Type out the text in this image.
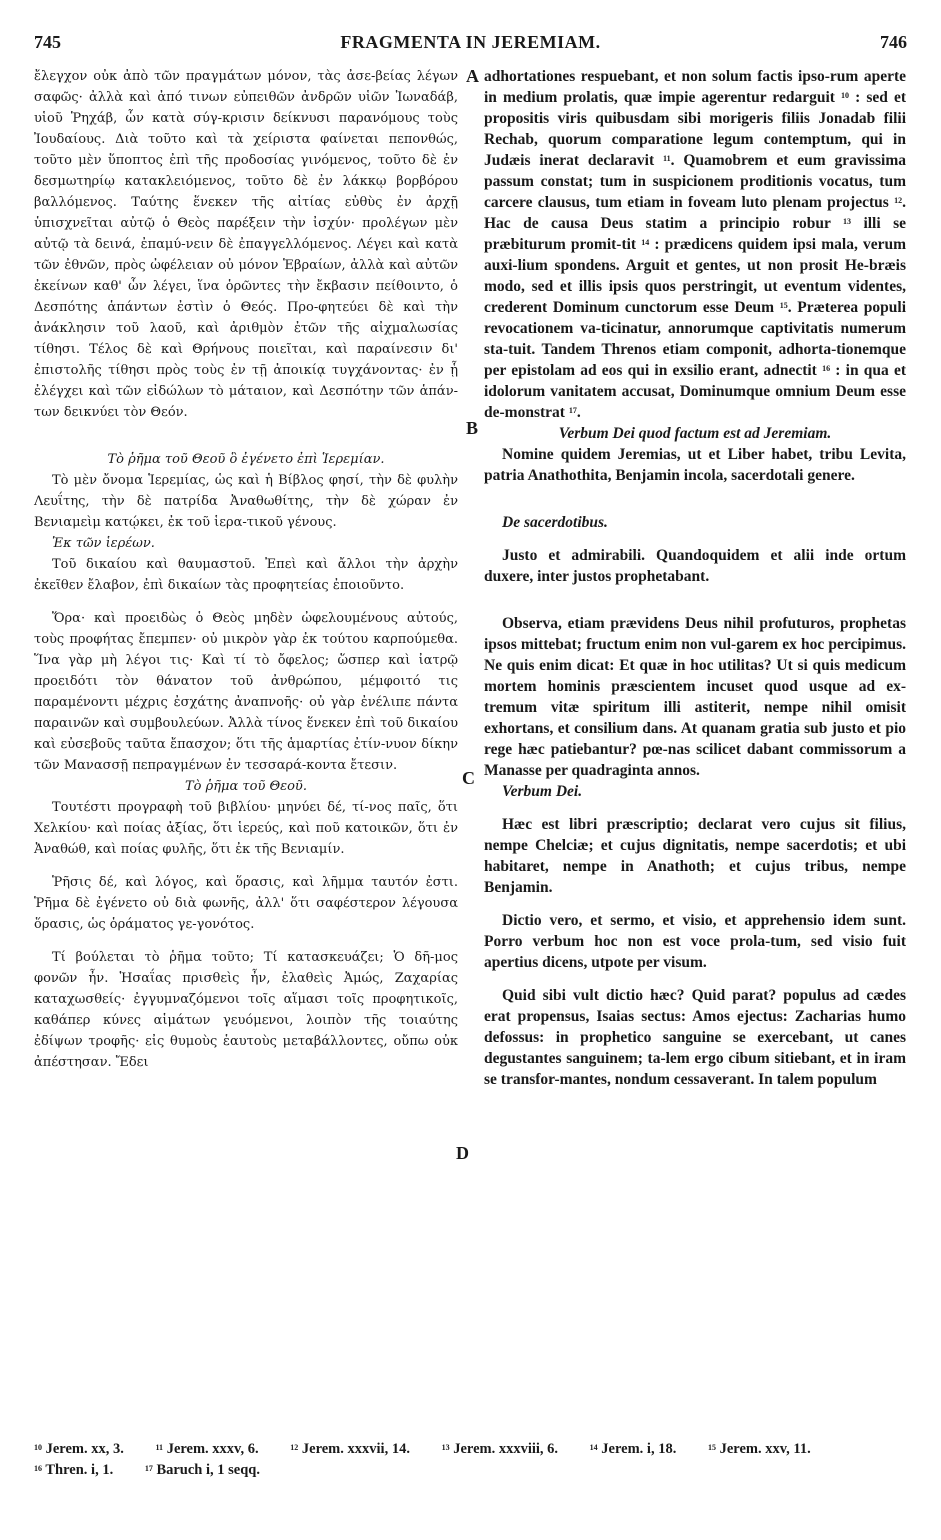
745	FRAGMENTA IN JEREMIAM.	746
A
B
C
D

ἔλεγχον οὐκ ἀπὸ τῶν πραγμάτων μόνον, τὰς ἀσε-βείας λέγων σαφῶς· ἀλλὰ καὶ ἀπό τινων εὐπειθῶν ἀνδρῶν υἱῶν Ἰωναδάβ, υἱοῦ Ῥηχάβ, ὧν κατὰ σύγ-κρισιν δείκνυσι παρανόμους τοὺς Ἰουδαίους. Διὰ τοῦτο καὶ τὰ χείριστα φαίνεται πεπονθώς, τοῦτο μὲν ὕποπτος ἐπὶ τῆς προδοσίας γινόμενος, τοῦτο δὲ ἐν δεσμωτηρίῳ κατακλειόμενος, τοῦτο δὲ ἐν λάκκῳ βορβόρου βαλλόμενος. Ταύτης ἕνεκεν τῆς αἰτίας εὐθὺς ἐν ἀρχῇ ὑπισχνεῖται αὐτῷ ὁ Θεὸς παρέξειν τὴν ἰσχύν· προλέγων μὲν αὐτῷ τὰ δεινά, ἐπαμύ-νειν δὲ ἐπαγγελλόμενος. Λέγει καὶ κατὰ τῶν ἐθνῶν, πρὸς ὠφέλειαν οὐ μόνον Ἑβραίων, ἀλλὰ καὶ αὐτῶν ἐκείνων καθ' ὧν λέγει, ἵνα ὁρῶντες τὴν ἔκβασιν πείθοιντο, ὁ Δεσπότης ἁπάντων ἐστὶν ὁ Θεός. Προ-φητεύει δὲ καὶ τὴν ἀνάκλησιν τοῦ λαοῦ, καὶ ἀριθμὸν ἐτῶν τῆς αἰχμαλωσίας τίθησι. Τέλος δὲ καὶ Θρήνους ποιεῖται, καὶ παραίνεσιν δι' ἐπιστολῆς τίθησι πρὸς τοὺς ἐν τῇ ἀποικίᾳ τυγχάνοντας· ἐν ᾗ ἐλέγχει καὶ τῶν εἰδώλων τὸ μάταιον, καὶ Δεσπότην τῶν ἁπάν-των δεικνύει τὸν Θεόν.

Τὸ ῥῆμα τοῦ Θεοῦ ὃ ἐγένετο ἐπὶ Ἱερεμίαν.

Τὸ μὲν ὄνομα Ἱερεμίας, ὡς καὶ ἡ Βίβλος φησί, τὴν δὲ φυλὴν Λευΐτης, τὴν δὲ πατρίδα Ἀναθωθίτης, τὴν δὲ χώραν ἐν Βενιαμεὶμ κατῴκει, ἐκ τοῦ ἱερα-τικοῦ γένους.

Ἐκ τῶν ἱερέων.

Τοῦ δικαίου καὶ θαυμαστοῦ. Ἐπεὶ καὶ ἄλλοι τὴν ἀρχὴν ἐκεῖθεν ἔλαβον, ἐπὶ δικαίων τὰς προφητείας ἐποιοῦντο.

Ὅρα· καὶ προειδὼς ὁ Θεὸς μηδὲν ὠφελουμένους αὐτούς, τοὺς προφήτας ἔπεμπεν· οὐ μικρὸν γὰρ ἐκ τούτου καρπούμεθα. Ἵνα γὰρ μὴ λέγοι τις· Καὶ τί τὸ ὄφελος; ὥσπερ καὶ ἰατρῷ προειδότι τὸν θάνατον τοῦ ἀνθρώπου, μέμφοιτό τις παραμένοντι μέχρις ἐσχάτης ἀναπνοῆς· οὐ γὰρ ἐνέλιπε πάντα παραινῶν καὶ συμβουλεύων. Ἀλλὰ τίνος ἕνεκεν ἐπὶ τοῦ δικαίου καὶ εὐσεβοῦς ταῦτα ἔπασχον; ὅτι τῆς ἁμαρτίας ἐτίν-νυον δίκην τῶν Μανασσῇ πεπραγμένων ἐν τεσσαρά-κοντα ἔτεσιν.

Τὸ ῥῆμα τοῦ Θεοῦ.

Τουτέστι προγραφὴ τοῦ βιβλίου· μηνύει δέ, τί-νος παῖς, ὅτι Χελκίου· καὶ ποίας ἀξίας, ὅτι ἱερεύς, καὶ ποῦ κατοικῶν, ὅτι ἐν Ἀναθώθ, καὶ ποίας φυλῆς, ὅτι ἐκ τῆς Βενιαμίν.

Ῥῆσις δέ, καὶ λόγος, καὶ ὅρασις, καὶ λῆμμα ταυτόν ἐστι. Ῥῆμα δὲ ἐγένετο οὐ διὰ φωνῆς, ἀλλ' ὅτι σαφέστερον λέγουσα ὅρασις, ὡς ὁράματος γε-γονότος.

Τί βούλεται τὸ ῥῆμα τοῦτο; Τί κατασκευάζει; Ὁ δῆ-μος φονῶν ἦν. Ἡσαΐας πρισθεὶς ἦν, ἐλαθεὶς Ἀμώς, Ζαχαρίας καταχωσθείς· ἐγγυμναζόμενοι τοῖς αἵμασι τοῖς προφητικοῖς, καθάπερ κύνες αἱμάτων γευόμενοι, λοιπὸν τῆς τοιαύτης ἐδίψων τροφῆς· εἰς θυμοὺς ἑαυτοὺς μεταβάλλοντες, οὔπω οὐκ ἀπέστησαν. Ἔδει

adhortationes respuebant, et non solum factis ipso-rum aperte in medium prolatis, quæ impie agerentur redarguit $^{10}$ : sed et propositis viris quibusdam sibi morigeris filiis Jonadab filii Rechab, quorum comparatione legum contemptum, qui in Judæis inerat declaravit $^{11}$. Quamobrem et eum gravissima passum constat; tum in suspicionem proditionis vocatus, tum carcere clausus, tum etiam in foveam luto plenam projectus $^{12}$. Hac de causa Deus statim a principio robur $^{13}$ illi se præbiturum promit-tit $^{14}$ : prædicens quidem ipsi mala, verum auxi-lium spondens. Arguit et gentes, ut non prosit He-bræis modo, sed et illis ipsis quos perstringit, ut eventum videntes, crederent Dominum cunctorum esse Deum $^{15}$. Præterea populi revocationem va-ticinatur, annorumque captivitatis numerum sta-tuit. Tandem Threnos etiam componit, adhorta-tionemque per epistolam ad eos qui in exsilio erant, adnectit $^{16}$ : in qua et idolorum vanitatem accusat, Dominumque omnium Deum esse de-monstrat $^{17}$.

Verbum Dei quod factum est ad Jeremiam.

Nomine quidem Jeremias, ut et Liber habet, tribu Levita, patria Anathothita, Benjamin incola, sacerdotali genere.

De sacerdotibus.

Justo et admirabili. Quandoquidem et alii inde ortum duxere, inter justos prophetabant.

Observa, etiam prævidens Deus nihil profuturos, prophetas ipsos mittebat; fructum enim non vul-garem ex hoc percipimus. Ne quis enim dicat: Et quæ in hoc utilitas? Ut si quis medicum mortem hominis præscientem incuset quod usque ad ex-tremum vitæ spiritum illi astiterit, nempe nihil omisit exhortans, et consilium dans. At quanam gratia sub justo et pio rege hæc patiebantur? pœ-nas scilicet dabant commissorum a Manasse per quadraginta annos.

Verbum Dei.

Hæc est libri præscriptio; declarat vero cujus sit filius, nempe Chelciæ; et cujus dignitatis, nempe sacerdotis; et ubi habitaret, nempe in Anathoth; et cujus tribus, nempe Benjamin.

Dictio vero, et sermo, et visio, et apprehensio idem sunt. Porro verbum hoc non est voce prola-tum, sed visio fuit apertius dicens, utpote per visum.

Quid sibi vult dictio hæc? Quid parat? populus ad cædes erat propensus, Isaias sectus: Amos ejectus: Zacharias humo defossus: in prophetico sanguine se exercebant, ut canes degustantes sanguinem; ta-lem ergo cibum sitiebant, et in iram se transfor-mantes, nondum cessaverant. In talem populum

$^{10}$ Jerem. xx, 3.	$^{11}$ Jerem. xxxv, 6.	$^{12}$ Jerem. xxxvii, 14.	$^{13}$ Jerem. xxxviii, 6.	$^{14}$ Jerem. i, 18.	$^{15}$ Jerem. xxv, 11. $^{16}$ Thren. i, 1.	$^{17}$ Baruch i, 1 seqq.
